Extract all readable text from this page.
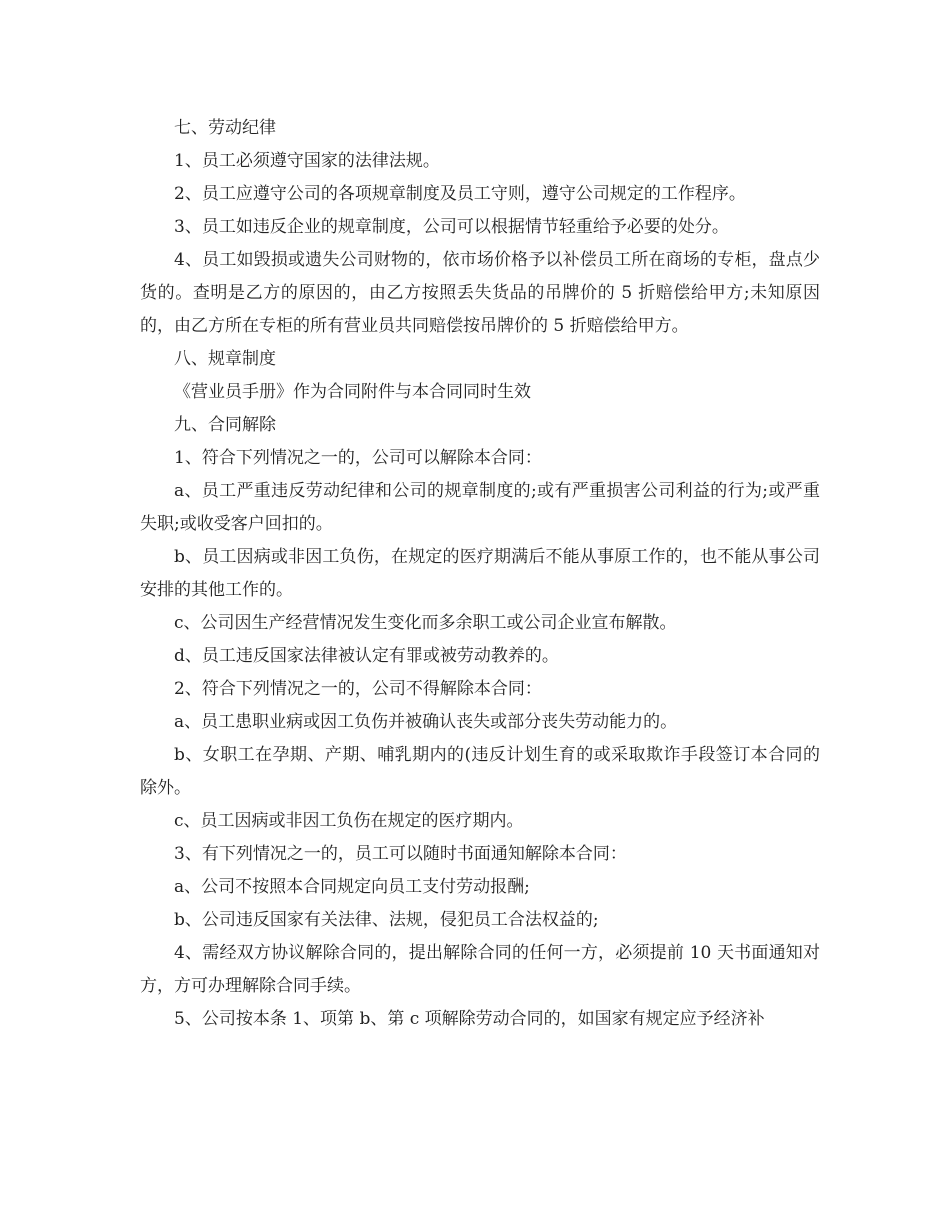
七、劳动纪律

1、员工必须遵守国家的法律法规。

2、员工应遵守公司的各项规章制度及员工守则，遵守公司规定的工作程序。

3、员工如违反企业的规章制度，公司可以根据情节轻重给予必要的处分。

4、员工如毁损或遗失公司财物的，依市场价格予以补偿员工所在商场的专柜，盘点少货的。查明是乙方的原因的，由乙方按照丢失货品的吊牌价的 5 折赔偿给甲方;未知原因的，由乙方所在专柜的所有营业员共同赔偿按吊牌价的 5 折赔偿给甲方。

八、规章制度

《营业员手册》作为合同附件与本合同同时生效

九、合同解除

1、符合下列情况之一的，公司可以解除本合同：

a、员工严重违反劳动纪律和公司的规章制度的;或有严重损害公司利益的行为;或严重失职;或收受客户回扣的。

b、员工因病或非因工负伤，在规定的医疗期满后不能从事原工作的，也不能从事公司安排的其他工作的。

c、公司因生产经营情况发生变化而多余职工或公司企业宣布解散。

d、员工违反国家法律被认定有罪或被劳动教养的。

2、符合下列情况之一的，公司不得解除本合同：

a、员工患职业病或因工负伤并被确认丧失或部分丧失劳动能力的。

b、女职工在孕期、产期、哺乳期内的(违反计划生育的或采取欺诈手段签订本合同的除外。

c、员工因病或非因工负伤在规定的医疗期内。

3、有下列情况之一的，员工可以随时书面通知解除本合同：

a、公司不按照本合同规定向员工支付劳动报酬;

b、公司违反国家有关法律、法规，侵犯员工合法权益的;

4、需经双方协议解除合同的，提出解除合同的任何一方，必须提前 10 天书面通知对方，方可办理解除合同手续。

5、公司按本条 1、项第 b、第 c 项解除劳动合同的，如国家有规定应予经济补
